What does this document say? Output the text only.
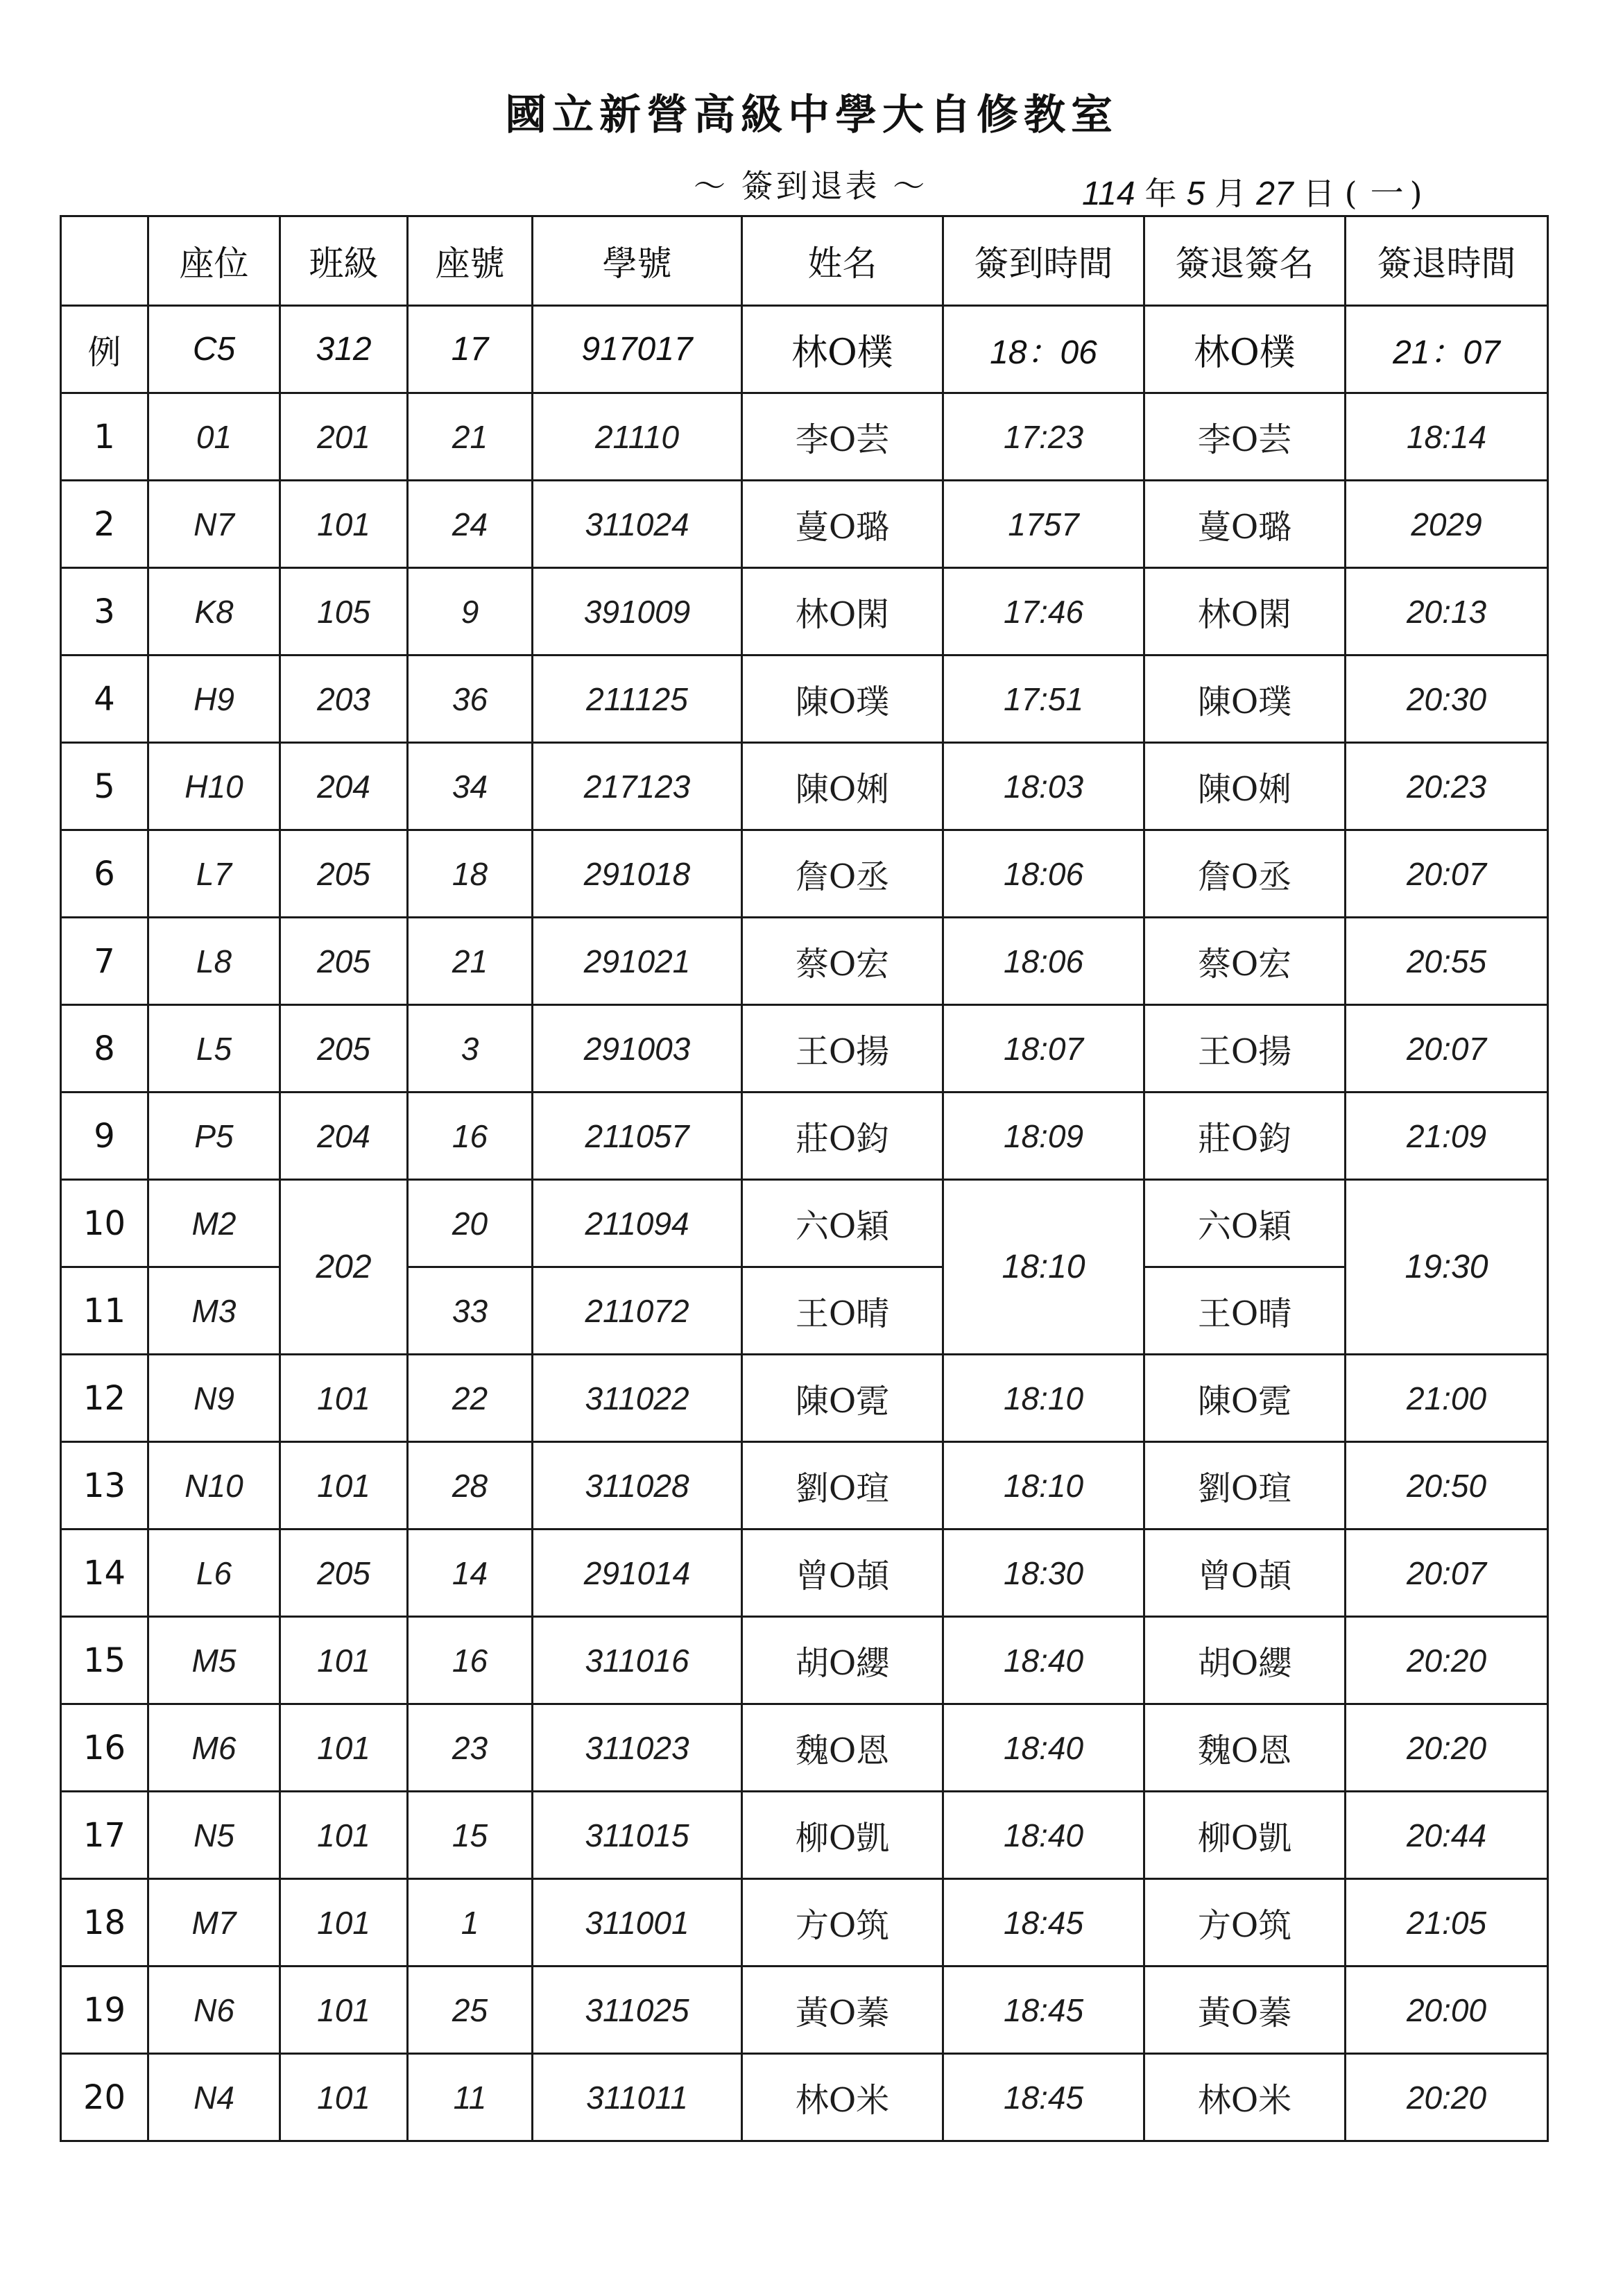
國立新營高級中學大自修教室
～ 簽到退表 ～	114 年 5 月 27 日 ( 一 )
	座位	班級	座號	學號	姓名	簽到時間	簽退簽名	簽退時間
例	C5	312	17	917017	林O樸	18：06	林O樸	21：07
1	01	201	21	21110	李O芸	17:23	李O芸	18:14
2	N7	101	24	311024	蔓O璐	1757	蔓O璐	2029
3	K8	105	9	391009	林O閑	17:46	林O閑	20:13
4	H9	203	36	211125	陳O璞	17:51	陳O璞	20:30
5	H10	204	34	217123	陳O娳	18:03	陳O娳	20:23
6	L7	205	18	291018	詹O丞	18:06	詹O丞	20:07
7	L8	205	21	291021	蔡O宏	18:06	蔡O宏	20:55
8	L5	205	3	291003	王O揚	18:07	王O揚	20:07
9	P5	204	16	211057	莊O鈞	18:09	莊O鈞	21:09
10	M2	202	20	211094	六O穎	18:10	六O穎	19:30
11	M3		33	211072	王O晴		王O晴	
12	N9	101	22	311022	陳O霓	18:10	陳O霓	21:00
13	N10	101	28	311028	劉O瑄	18:10	劉O瑄	20:50
14	L6	205	14	291014	曾O頡	18:30	曾O頡	20:07
15	M5	101	16	311016	胡O纓	18:40	胡O纓	20:20
16	M6	101	23	311023	魏O恩	18:40	魏O恩	20:20
17	N5	101	15	311015	柳O凱	18:40	柳O凱	20:44
18	M7	101	1	311001	方O筑	18:45	方O筑	21:05
19	N6	101	25	311025	黃O蓁	18:45	黃O蓁	20:00
20	N4	101	11	311011	林O米	18:45	林O米	20:20
